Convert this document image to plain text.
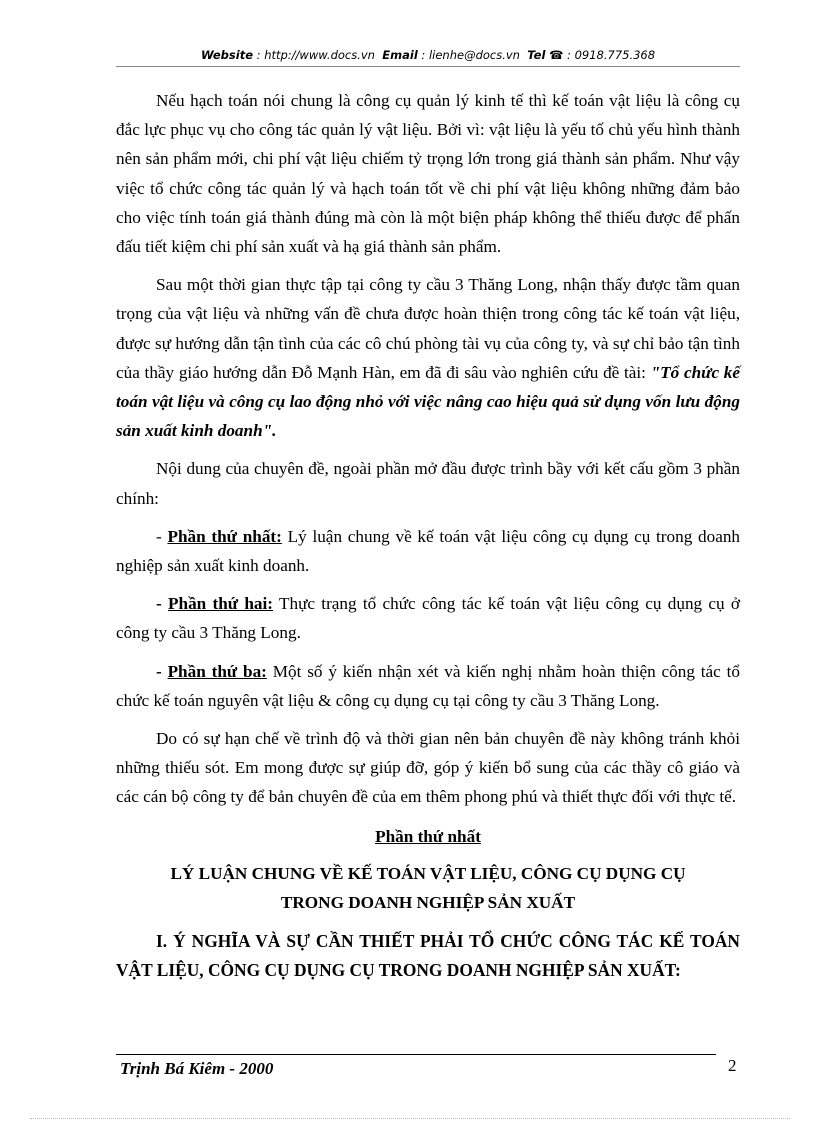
Website : http://www.docs.vn Email : lienhe@docs.vn Tel ☎ : 0918.775.368

Nếu hạch toán nói chung là công cụ quản lý kinh tế thì kế toán vật liệu là công cụ đắc lực phục vụ cho công tác quản lý vật liệu. Bởi vì: vật liệu là yếu tố chủ yếu hình thành nên sản phẩm mới, chi phí vật liệu chiếm tỷ trọng lớn trong giá thành sản phẩm. Như vậy việc tổ chức công tác quản lý và hạch toán tốt về chi phí vật liệu không những đảm bảo cho việc tính toán giá thành đúng mà còn là một biện pháp không thể thiếu được để phấn đấu tiết kiệm chi phí sản xuất và hạ giá thành sản phẩm.

Sau một thời gian thực tập tại công ty cầu 3 Thăng Long, nhận thấy được tầm quan trọng của vật liệu và những vấn đề chưa được hoàn thiện trong công tác kế toán vật liệu, được sự hướng dẫn tận tình của các cô chú phòng tài vụ của công ty, và sự chỉ bảo tận tình của thầy giáo hướng dẫn Đỗ Mạnh Hàn, em đã đi sâu vào nghiên cứu đề tài: "Tổ chức kế toán vật liệu và công cụ lao động nhỏ với việc nâng cao hiệu quả sử dụng vốn lưu động sản xuất kinh doanh".

Nội dung của chuyên đề, ngoài phần mở đầu được trình bầy với kết cấu gồm 3 phần chính:

- Phần thứ nhất: Lý luận chung về kế toán vật liệu công cụ dụng cụ trong doanh nghiệp sản xuất kinh doanh.

- Phần thứ hai: Thực trạng tổ chức công tác kế toán vật liệu công cụ dụng cụ ở công ty cầu 3 Thăng Long.

- Phần thứ ba: Một số ý kiến nhận xét và kiến nghị nhằm hoàn thiện công tác tổ chức kế toán nguyên vật liệu & công cụ dụng cụ tại công ty cầu 3 Thăng Long.

Do có sự hạn chế về trình độ và thời gian nên bản chuyên đề này không tránh khỏi những thiếu sót. Em mong được sự giúp đỡ, góp ý kiến bổ sung của các thầy cô giáo và các cán bộ công ty để bản chuyên đề của em thêm phong phú và thiết thực đối với thực tế.

Phần thứ nhất
LÝ LUẬN CHUNG VỀ KẾ TOÁN VẬT LIỆU, CÔNG CỤ DỤNG CỤ
TRONG DOANH NGHIỆP SẢN XUẤT

I. Ý NGHĨA VÀ SỰ CẦN THIẾT PHẢI TỔ CHỨC CÔNG TÁC KẾ TOÁN VẬT LIỆU, CÔNG CỤ DỤNG CỤ TRONG DOANH NGHIỆP SẢN XUẤT:

Trịnh Bá Kiêm - 2000	2
